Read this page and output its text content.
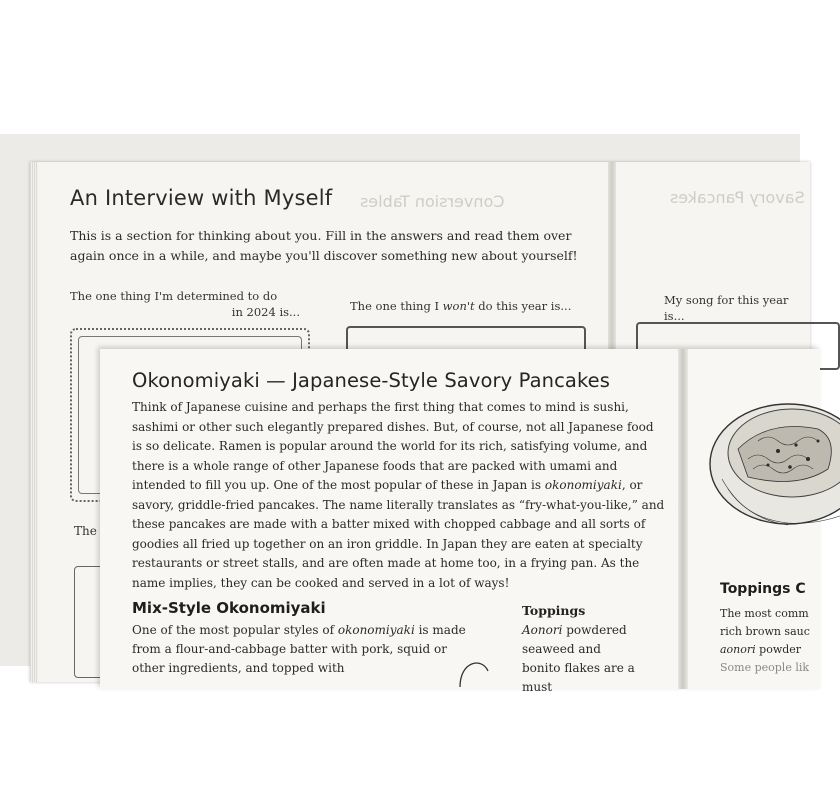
Conversion Tables	Savory Pancakes
An Interview with Myself
This is a section for thinking about you. Fill in the answers and read them over again once in a while, and maybe you'll discover something new about yourself!
The one thing I'm determined to do
in 2024 is...	The one thing I won't do this year is...	My song for this year is...
Okonomiyaki — Japanese-Style Savory Pancakes
Think of Japanese cuisine and perhaps the first thing that comes to mind is sushi, sashimi or other such elegantly prepared dishes. But, of course, not all Japanese food is so delicate. Ramen is popular around the world for its rich, satisfying volume, and there is a whole range of other Japanese foods that are packed with umami and intended to fill you up. One of the most popular of these in Japan is okonomiyaki, or savory, griddle-fried pancakes. The name literally translates as “fry-what-you-like,” and these pancakes are made with a batter mixed with chopped cabbage and all sorts of goodies all fried up together on an iron griddle. In Japan they are eaten at specialty restaurants or street stalls, and are often made at home too, in a frying pan. As the name implies, they can be cooked and served in a lot of ways!
Mix-Style Okonomiyaki
One of the most popular styles of okonomiyaki is made from a flour-and-cabbage batter with pork, squid or other ingredients, and topped with
Toppings
Aonori powdered seaweed and bonito flakes are a must
Toppings C
The most comm
rich brown sauc
aonori powder
Some people lik
The
